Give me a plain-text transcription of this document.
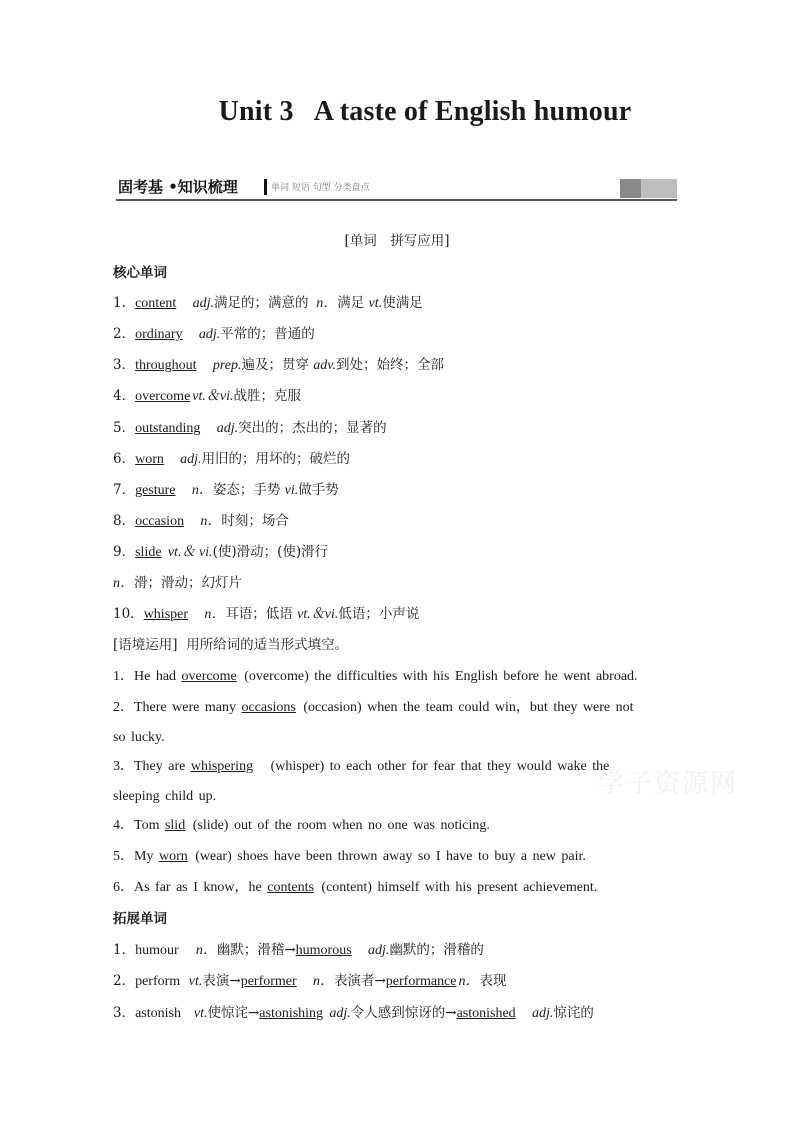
Unit 3 A taste of English humour
固考基 •知识梳理	单词 短语 句型 分类盘点
[单词　拼写应用]
核心单词
1．content adj.满足的；满意的 n．满足 vt.使满足
2．ordinary adj.平常的；普通的
3．throughout prep.遍及；贯穿 adv.到处；始终；全部
4．overcome vt.＆vi.战胜；克服
5．outstanding adj.突出的；杰出的；显著的
6．worn adj.用旧的；用坏的；破烂的
7．gesture n．姿态；手势 vi.做手势
8．occasion n．时刻；场合
9．slide vt.＆ vi.(使)滑动；(使)滑行
n．滑；滑动；幻灯片
10．whisper n．耳语；低语 vt.＆vi.低语；小声说
[语境运用] 用所给词的适当形式填空。
1．He had overcome (overcome) the difficulties with his English before he went abroad.
2．There were many occasions (occasion) when the team could win，but they were not
so lucky.
3．They are whispering (whisper) to each other for fear that they would wake the
sleeping child up.
4．Tom slid (slide) out of the room when no one was noticing.
5．My worn (wear) shoes have been thrown away so I have to buy a new pair.
6．As far as I know，he contents (content) himself with his present achievement.
拓展单词
1．humour n．幽默；滑稽→humorous adj.幽默的；滑稽的
2．perform vt.表演→performer n．表演者→performance n．表现
3．astonish vt.使惊诧→astonishing adj.令人感到惊讶的→astonished adj.惊诧的
学子资源网
